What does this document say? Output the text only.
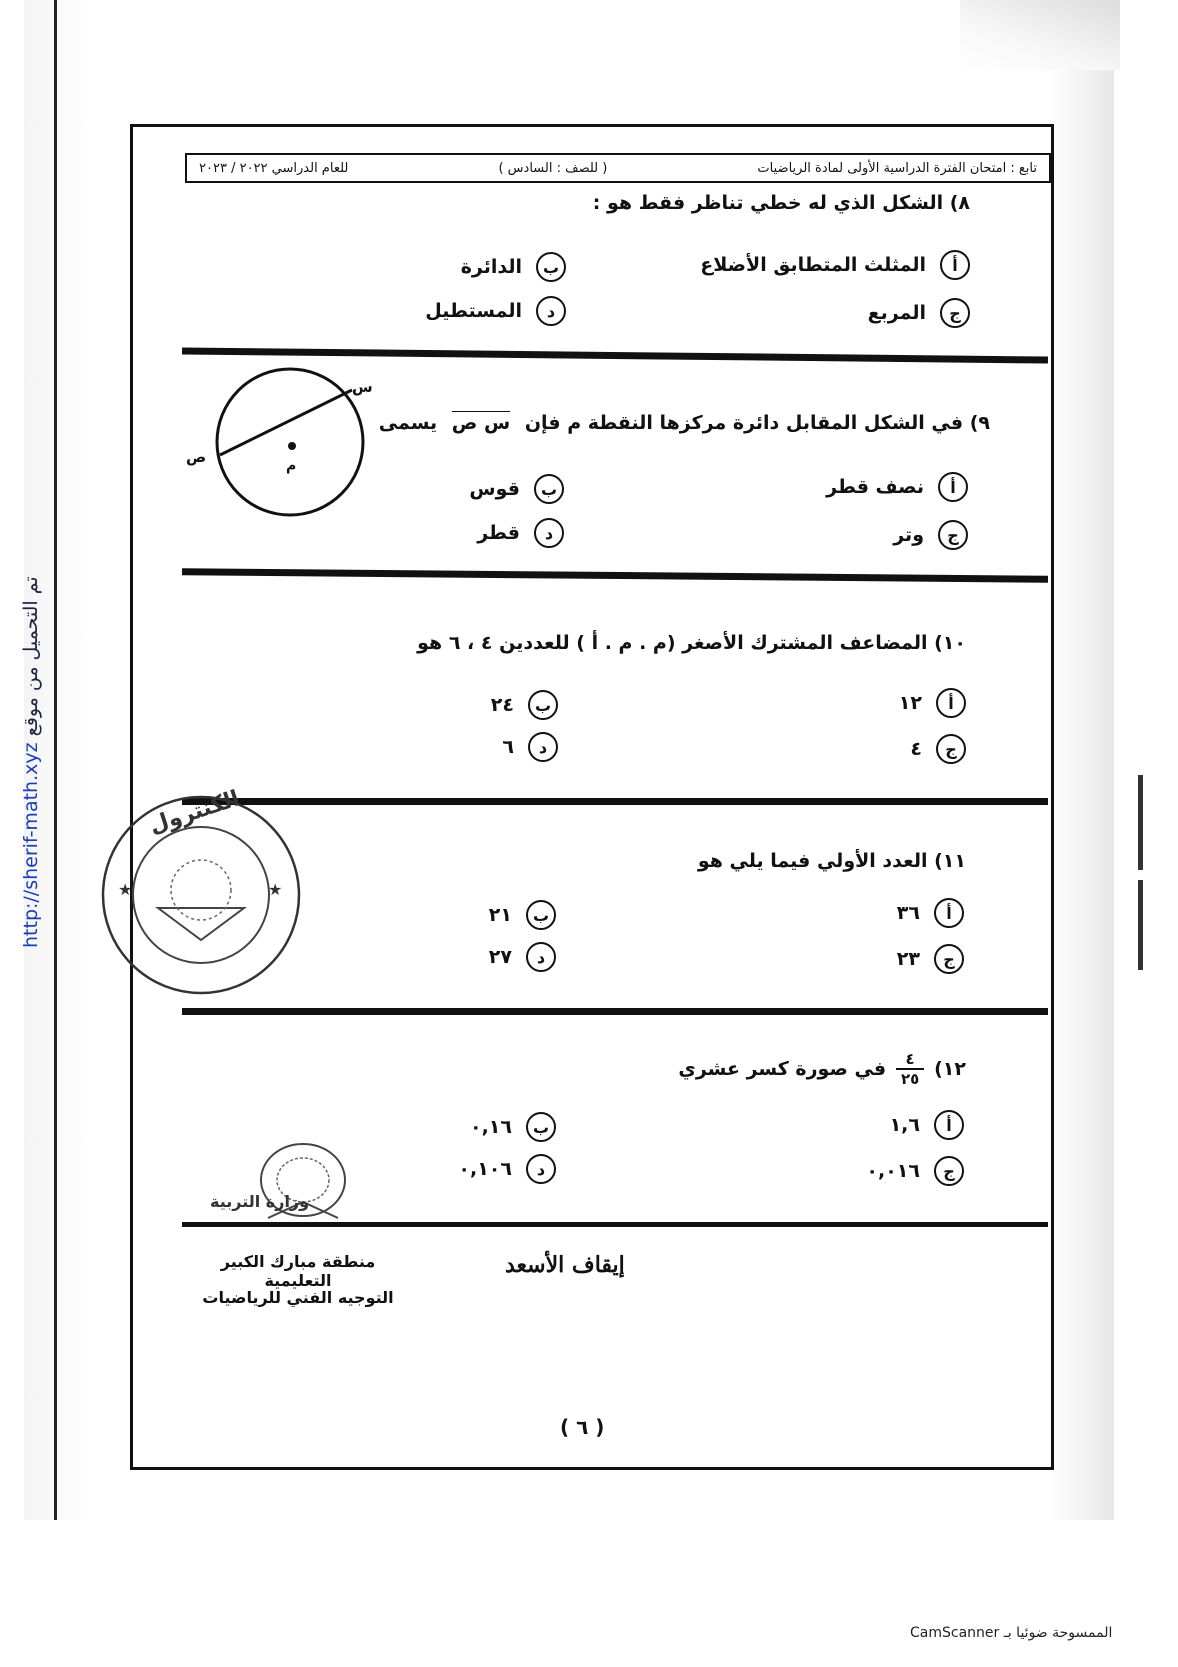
تابع : امتحان الفترة الدراسية الأولى لمادة الرياضيات
( للصف : السادس )
للعام الدراسي ٢٠٢٢ / ٢٠٢٣
٨) الشكل الذي له خطي تناظر فقط هو :
أ
المثلث المتطابق الأضلاع
ب
الدائرة
ج
المربع
د
المستطيل
٩) في الشكل المقابل دائرة مركزها النقطة م فإن س ص يسمى
س
ص	م
أ
نصف قطر
ب
قوس
ج
وتر
د
قطر
١٠) المضاعف المشترك الأصغر (م . م . أ ) للعددين ٤ ، ٦ هو
أ
١٢
ب
٢٤
ج
٤
د
٦
١١) العدد الأولي فيما يلي هو
أ
٣٦
ب
٢١
ج
٢٣
د
٢٧
١٢)
٤
٢٥
في صورة كسر عشري
أ
١,٦
ب
٠,١٦
ج
٠,٠١٦
د
٠,١٠٦
★	★
الكنترول
وزارة التربية
منطقة مبارك الكبير التعليمية
التوجيه الفني للرياضيات
إيقاف الأسعد
( ٦ )
تم التحميل من موقع http://sherif-math.xyz
الممسوحة ضوئيا بـ CamScanner
